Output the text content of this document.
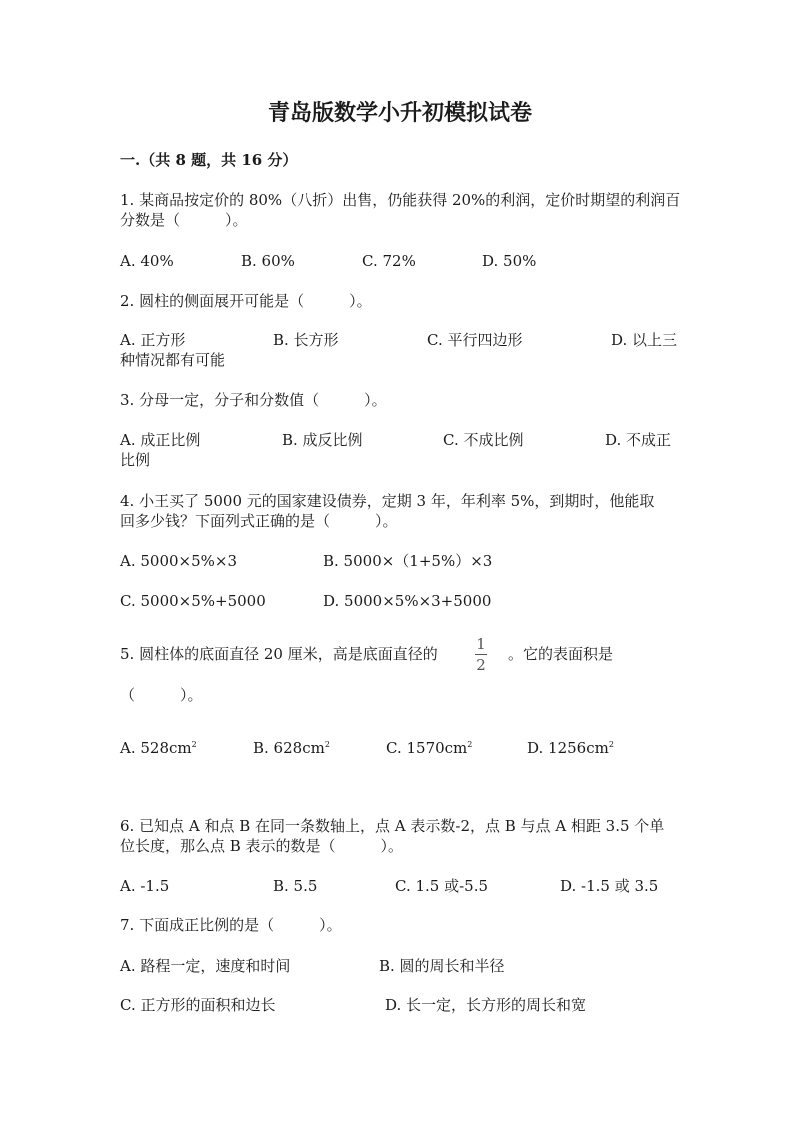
青岛版数学小升初模拟试卷
一.（共 8 题，共 16 分）
1. 某商品按定价的 80%（八折）出售，仍能获得 20%的利润，定价时期望的利润百
分数是（　　　）。
A. 40%	B. 60%	C. 72%	D. 50%
2. 圆柱的侧面展开可能是（　　　）。
A. 正方形	B. 长方形	C. 平行四边形	D. 以上三
种情况都有可能
3. 分母一定，分子和分数值（　　　）。
A. 成正比例	B. 成反比例	C. 不成比例	D. 不成正
比例
4. 小王买了 5000 元的国家建设债券，定期 3 年，年利率 5%，到期时，他能取
回多少钱？下面列式正确的是（　　　）。
A. 5000×5%×3	B. 5000×（1+5%）×3
C. 5000×5%+5000	D. 5000×5%×3+5000
5. 圆柱体的底面直径 20 厘米，高是底面直径的
1
2
。它的表面积是
（　　　）。
A. $528cm^2$	B. $628cm^2$	C. $1570cm^2$	D. $1256cm^2$
6. 已知点 A 和点 B 在同一条数轴上，点 A 表示数-2，点 B 与点 A 相距 3.5 个单
位长度，那么点 B 表示的数是（　　　）。
A. -1.5	B. 5.5	C. 1.5 或-5.5	D. -1.5 或 3.5
7. 下面成正比例的是（　　　）。
A. 路程一定，速度和时间	B. 圆的周长和半径
C. 正方形的面积和边长	D. 长一定，长方形的周长和宽
